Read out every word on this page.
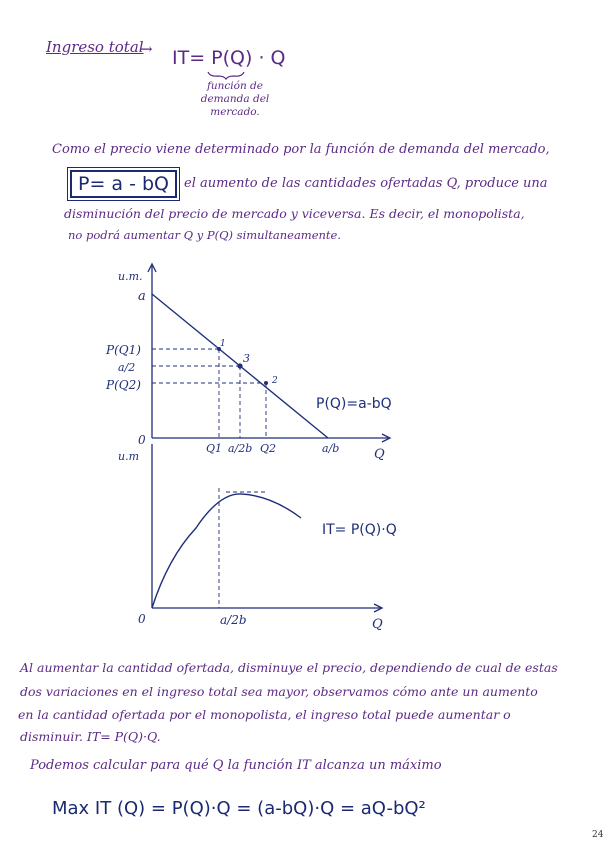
Ingreso total
→ IT= P(Q) · Q
función de demanda del mercado.
Como el precio viene determinado por la función de demanda del mercado,
P= a - bQ	el aumento de las cantidades ofertadas Q, produce una
disminución del precio de mercado y viceversa. Es decir, el monopolista,
no podrá aumentar Q y P(Q) simultaneamente.
u.m.
a
P(Q1)
a/2
P(Q2)
1
3
2
P(Q)=a-bQ
0
Q1 a/2b Q2	a/b	Q
u.m
IT= P(Q)·Q
0	a/2b	Q
Al aumentar la cantidad ofertada, disminuye el precio, dependiendo de cual de estas
dos variaciones en el ingreso total sea mayor, observamos cómo ante un aumento
en la cantidad ofertada por el monopolista, el ingreso total puede aumentar o
disminuir. IT= P(Q)·Q.
Podemos calcular para qué Q la función IT alcanza un máximo
Max IT (Q) = P(Q)·Q = (a-bQ)·Q = aQ-bQ²
24
